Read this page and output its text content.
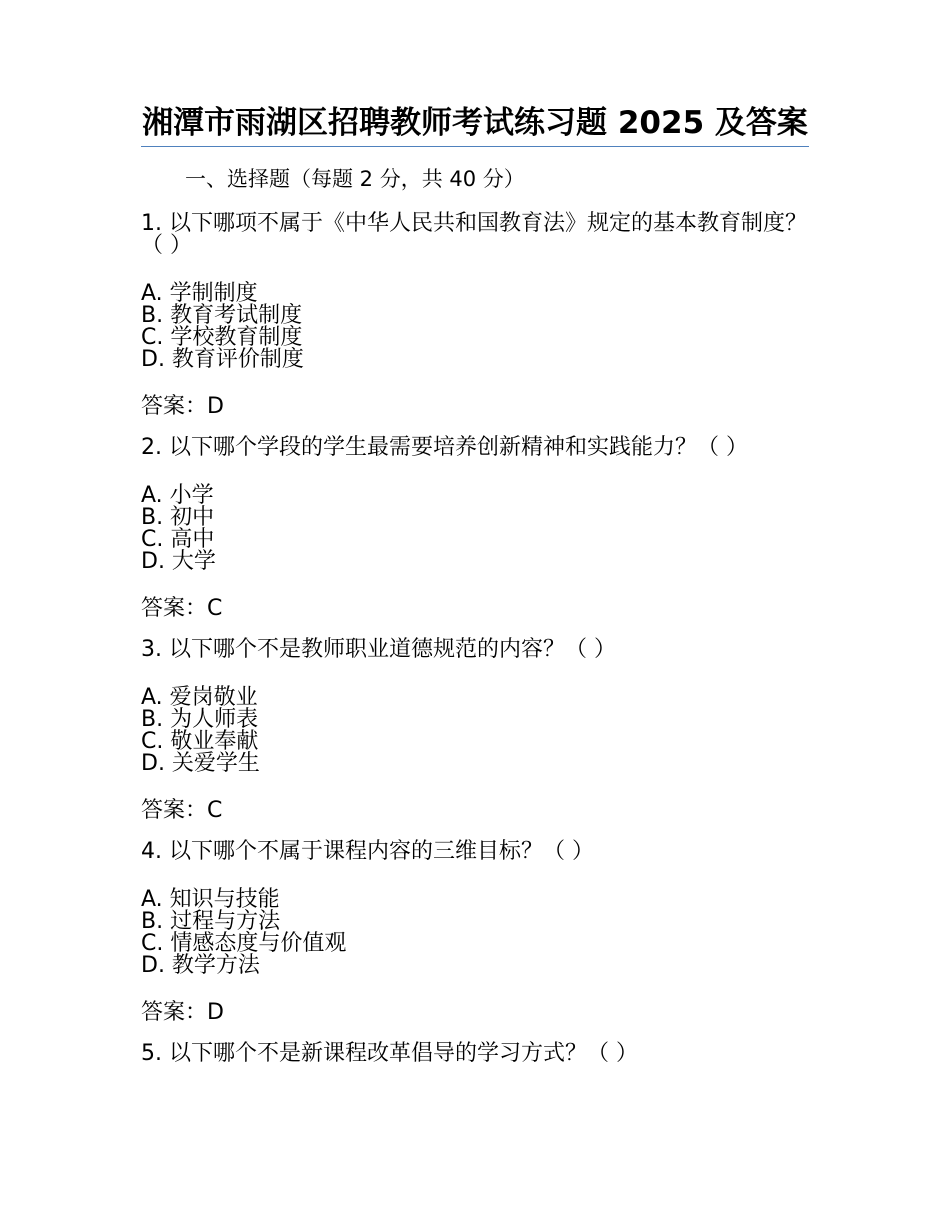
湘潭市雨湖区招聘教师考试练习题 2025 及答案
一、选择题（每题 2 分，共 40 分）

1. 以下哪项不属于《中华人民共和国教育法》规定的基本教育制度？（ ）

A. 学制制度

B. 教育考试制度

C. 学校教育制度

D. 教育评价制度

答案：D

2. 以下哪个学段的学生最需要培养创新精神和实践能力？（ ）

A. 小学

B. 初中

C. 高中

D. 大学

答案：C

3. 以下哪个不是教师职业道德规范的内容？（ ）

A. 爱岗敬业

B. 为人师表

C. 敬业奉献

D. 关爱学生

答案：C

4. 以下哪个不属于课程内容的三维目标？（ ）

A. 知识与技能

B. 过程与方法

C. 情感态度与价值观

D. 教学方法

答案：D

5. 以下哪个不是新课程改革倡导的学习方式？（ ）
